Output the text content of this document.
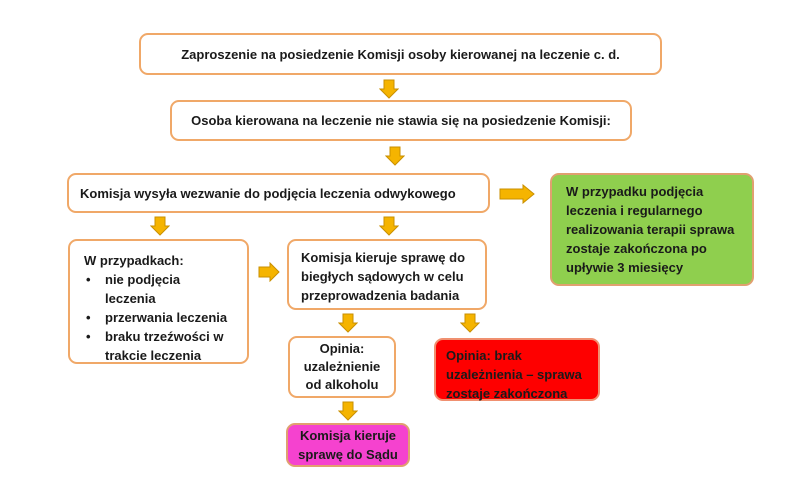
Zaproszenie na posiedzenie Komisji osoby kierowanej na leczenie c. d.
Osoba kierowana na leczenie nie stawia się na posiedzenie Komisji:
Komisja wysyła wezwanie do podjęcia leczenia odwykowego	W przypadku podjęcia
leczenia i regularnego
realizowania terapii sprawa
zostaje zakończona po
upływie 3 miesięcy
W przypadkach:
• nie podjęcia
leczenia
• przerwania leczenia
• braku trzeźwości w
trakcie leczenia
Komisja kieruje sprawę do
biegłych sądowych w celu
przeprowadzenia badania
Opinia:
uzależnienie
od alkoholu
Opinia: brak
uzależnienia – sprawa
zostaje zakończona
Komisja kieruje
sprawę do Sądu
